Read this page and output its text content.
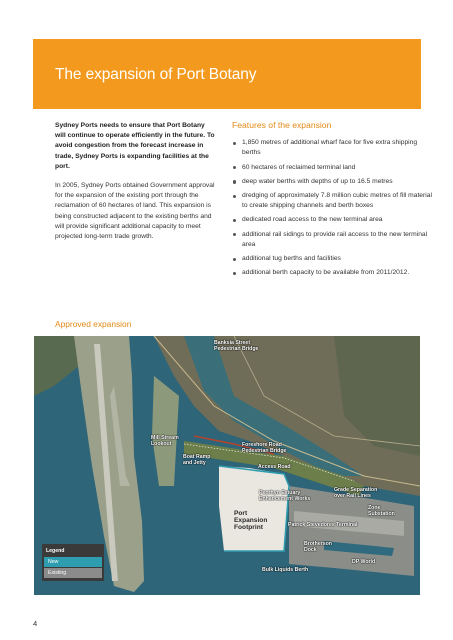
The expansion of Port Botany

Sydney Ports needs to ensure that Port Botany will continue to operate efficiently in the future. To avoid congestion from the forecast increase in trade, Sydney Ports is expanding facilities at the port.

In 2005, Sydney Ports obtained Government approval for the expansion of the existing port through the reclamation of 60 hectares of land. This expansion is being constructed adjacent to the existing berths and will provide significant additional capacity to meet projected long-term trade growth.

Features of the expansion
1,850 metres of additional wharf face for five extra shipping berths
60 hectares of reclaimed terminal land
deep water berths with depths of up to 16.5 metres
dredging of approximately 7.8 million cubic metres of fill material to create shipping channels and berth boxes
dedicated road access to the new terminal area
additional rail sidings to provide rail access to the new terminal area
additional tug berths and facilities
additional berth capacity to be available from 2011/2012.
Approved expansion
Banksia Street
Pedestrian Bridge
Mill Stream
Lookout
Boat Ramp
and Jetty
Foreshore Road
Pedestrian Bridge
Access Road
Penrhyn Estuary
Enhancement Works
Grade Separation
over Rail Lines
Zone
Substation
Port
Expansion
Footprint	Patrick Stevedores Terminal
Brotherson
Dock
DP World
Bulk Liquids Berth
Legend
New
Existing
4
